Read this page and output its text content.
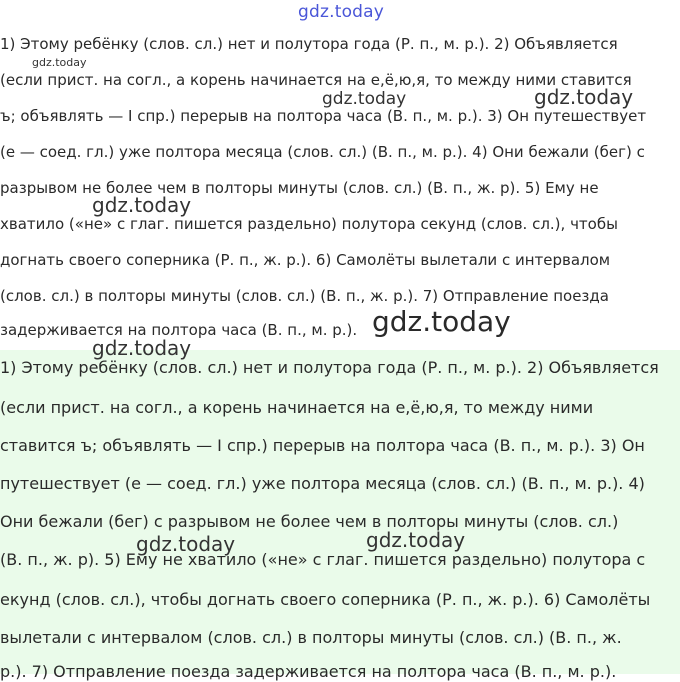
gdz.today
1) Этому ребёнку (слов. сл.) нет и полутора года (Р. п., м. р.). 2) Объявляется
(если прист. на согл., а корень начинается на е,ё,ю,я, то между ними ставится
ъ; объявлять — I спр.) перерыв на полтора часа (В. п., м. р.). 3) Он путешествует
(е — соед. гл.) уже полтора месяца (слов. сл.) (В. п., м. р.). 4) Они бежали (бег) с
разрывом не более чем в полторы минуты (слов. сл.) (В. п., ж. р). 5) Ему не
хватило («не» с глаг. пишется раздельно) полутора секунд (слов. сл.), чтобы
догнать своего соперника (Р. п., ж. р.). 6) Самолёты вылетали с интервалом
(слов. сл.) в полторы минуты (слов. сл.) (В. п., ж. р.). 7) Отправление поезда
задерживается на полтора часа (В. п., м. р.).
gdz.today
gdz.today	gdz.today
gdz.today
gdz.today
1) Этому ребёнку (слов. сл.) нет и полутора года (Р. п., м. р.). 2) Объявляется
(если прист. на согл., а корень начинается на е,ё,ю,я, то между ними
ставится ъ; объявлять — I спр.) перерыв на полтора часа (В. п., м. р.). 3) Он
путешествует (е — соед. гл.) уже полтора месяца (слов. сл.) (В. п., м. р.). 4)
Они бежали (бег) с разрывом не более чем в полторы минуты (слов. сл.)
(В. п., ж. р). 5) Ему не хватило («не» с глаг. пишется раздельно) полутора с
екунд (слов. сл.), чтобы догнать своего соперника (Р. п., ж. р.). 6) Самолёты
вылетали с интервалом (слов. сл.) в полторы минуты (слов. сл.) (В. п., ж.
р.). 7) Отправление поезда задерживается на полтора часа (В. п., м. р.).
gdz.today
gdz.today	gdz.today
